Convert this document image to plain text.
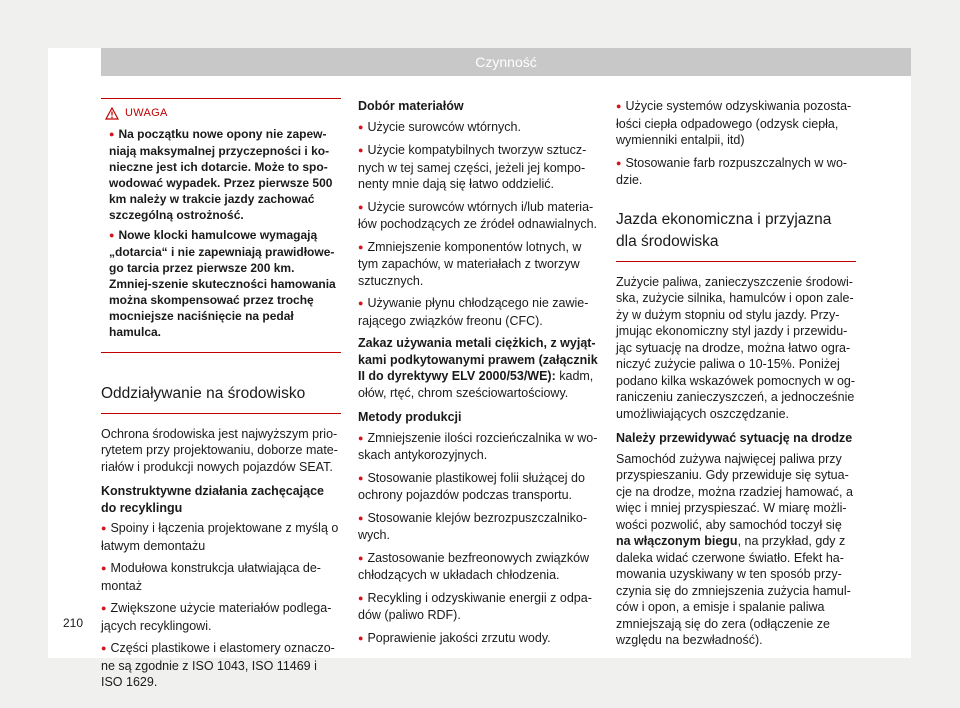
Czynność
UWAGA
● Na początku nowe opony nie zapew-niają maksymalnej przyczepności i ko-nieczne jest ich dotarcie. Może to spo-wodować wypadek. Przez pierwsze 500 km należy w trakcie jazdy zachować szczególną ostrożność.
● Nowe klocki hamulcowe wymagają „dotarcia“ i nie zapewniają prawidłowe-go tarcia przez pierwsze 200 km. Zmniej-szenie skuteczności hamowania można skompensować przez trochę mocniejsze naciśnięcie na pedał hamulca.
Oddziaływanie na środowisko
Ochrona środowiska jest najwyższym prio-rytetem przy projektowaniu, doborze mate-riałów i produkcji nowych pojazdów SEAT.
Konstruktywne działania zachęcające do recyklingu
● Spoiny i łączenia projektowane z myślą o łatwym demontażu
● Modułowa konstrukcja ułatwiająca de-montaż
● Zwiększone użycie materiałów podlega-jących recyklingowi.
● Części plastikowe i elastomery oznaczo-ne są zgodnie z ISO 1043, ISO 11469 i ISO 1629.
Dobór materiałów
● Użycie surowców wtórnych.
● Użycie kompatybilnych tworzyw sztucz-nych w tej samej części, jeżeli jej kompo-nenty mnie dają się łatwo oddzielić.
● Użycie surowców wtórnych i/lub materia-łów pochodzących ze źródeł odnawialnych.
● Zmniejszenie komponentów lotnych, w tym zapachów, w materiałach z tworzyw sztucznych.
● Używanie płynu chłodzącego nie zawie-rającego związków freonu (CFC).
Zakaz używania metali ciężkich, z wyjąt-kami podkytowanymi prawem (załącznik II do dyrektywy ELV 2000/53/WE): kadm, ołów, rtęć, chrom sześciowartościowy.
Metody produkcji
● Zmniejszenie ilości rozcieńczalnika w wo-skach antykorozyjnych.
● Stosowanie plastikowej folii służącej do ochrony pojazdów podczas transportu.
● Stosowanie klejów bezrozpuszczalniko-wych.
● Zastosowanie bezfreonowych związków chłodzących w układach chłodzenia.
● Recykling i odzyskiwanie energii z odpa-dów (paliwo RDF).
● Poprawienie jakości zrzutu wody.
● Użycie systemów odzyskiwania pozosta-łości ciepła odpadowego (odzysk ciepła, wymienniki entalpii, itd)
● Stosowanie farb rozpuszczalnych w wo-dzie.
Jazda ekonomiczna i przyjazna
dla środowiska
Zużycie paliwa, zanieczyszczenie środowi-ska, zużycie silnika, hamulców i opon zale-ży w dużym stopniu od stylu jazdy. Przy-jmując ekonomiczny styl jazdy i przewidu-jąc sytuację na drodze, można łatwo ogra-niczyć zużycie paliwa o 10-15%. Poniżej podano kilka wskazówek pomocnych w og-raniczeniu zanieczyszczeń, a jednocześnie umożliwiających oszczędzanie.
Należy przewidywać sytuację na drodze
Samochód zużywa najwięcej paliwa przy przyspieszaniu. Gdy przewiduje się sytua-cje na drodze, można rzadziej hamować, a więc i mniej przyspieszać. W miarę możli-wości pozwolić, aby samochód toczył się na włączonym biegu, na przykład, gdy z daleka widać czerwone światło. Efekt ha-mowania uzyskiwany w ten sposób przy-czynia się do zmniejszenia zużycia hamul-ców i opon, a emisje i spalanie paliwa zmniejszają się do zera (odłączenie ze względu na bezwładność).
210
